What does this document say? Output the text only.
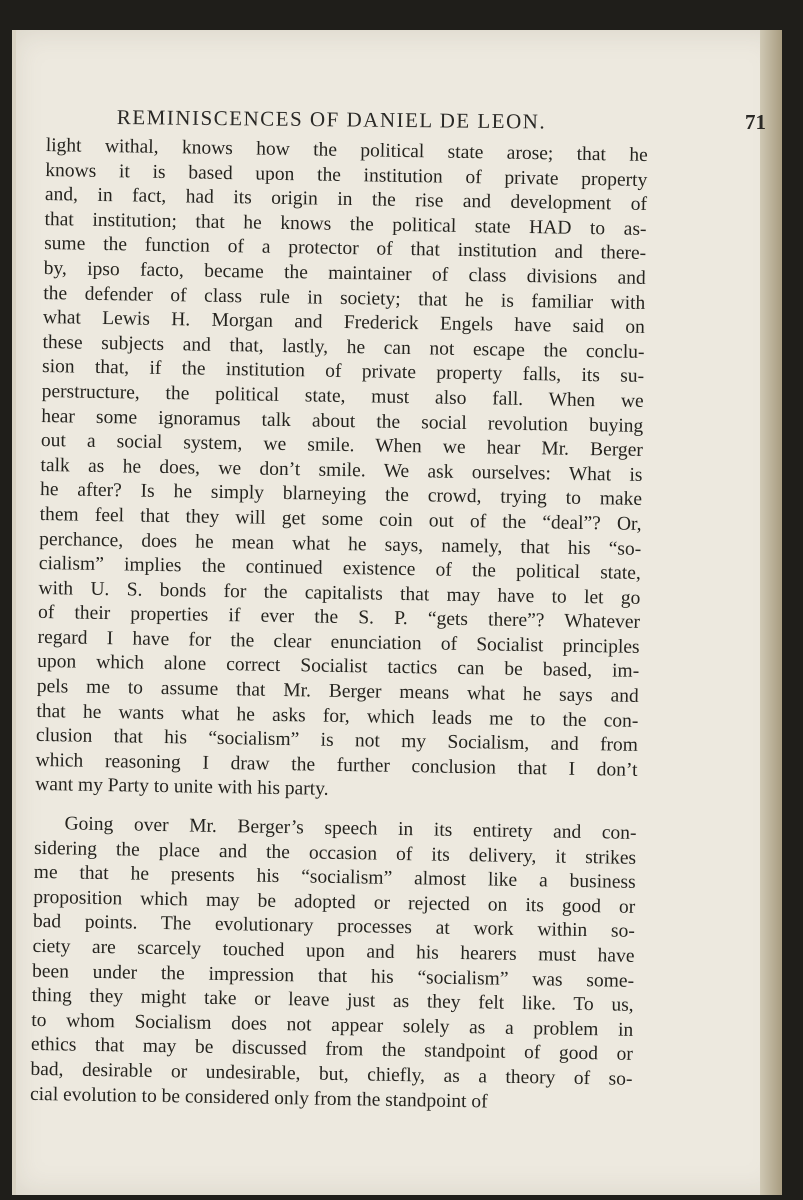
REMINISCENCES OF DANIEL DE LEON.	71
light withal, knows how the political state arose; that he
knows it is based upon the institution of private property
and, in fact, had its origin in the rise and development of
that institution; that he knows the political state HAD to as-
sume the function of a protector of that institution and there-
by, ipso facto, became the maintainer of class divisions and
the defender of class rule in society; that he is familiar with
what Lewis H. Morgan and Frederick Engels have said on
these subjects and that, lastly, he can not escape the conclu-
sion that, if the institution of private property falls, its su-
perstructure, the political state, must also fall. When we
hear some ignoramus talk about the social revolution buying
out a social system, we smile. When we hear Mr. Berger
talk as he does, we don’t smile. We ask ourselves: What is
he after? Is he simply blarneying the crowd, trying to make
them feel that they will get some coin out of the “deal”? Or,
perchance, does he mean what he says, namely, that his “so-
cialism” implies the continued existence of the political state,
with U. S. bonds for the capitalists that may have to let go
of their properties if ever the S. P. “gets there”? Whatever
regard I have for the clear enunciation of Socialist principles
upon which alone correct Socialist tactics can be based, im-
pels me to assume that Mr. Berger means what he says and
that he wants what he asks for, which leads me to the con-
clusion that his “socialism” is not my Socialism, and from
which reasoning I draw the further conclusion that I don’t
want my Party to unite with his party.
Going over Mr. Berger’s speech in its entirety and con-
sidering the place and the occasion of its delivery, it strikes
me that he presents his “socialism” almost like a business
proposition which may be adopted or rejected on its good or
bad points. The evolutionary processes at work within so-
ciety are scarcely touched upon and his hearers must have
been under the impression that his “socialism” was some-
thing they might take or leave just as they felt like. To us,
to whom Socialism does not appear solely as a problem in
ethics that may be discussed from the standpoint of good or
bad, desirable or undesirable, but, chiefly, as a theory of so-
cial evolution to be considered only from the standpoint of
